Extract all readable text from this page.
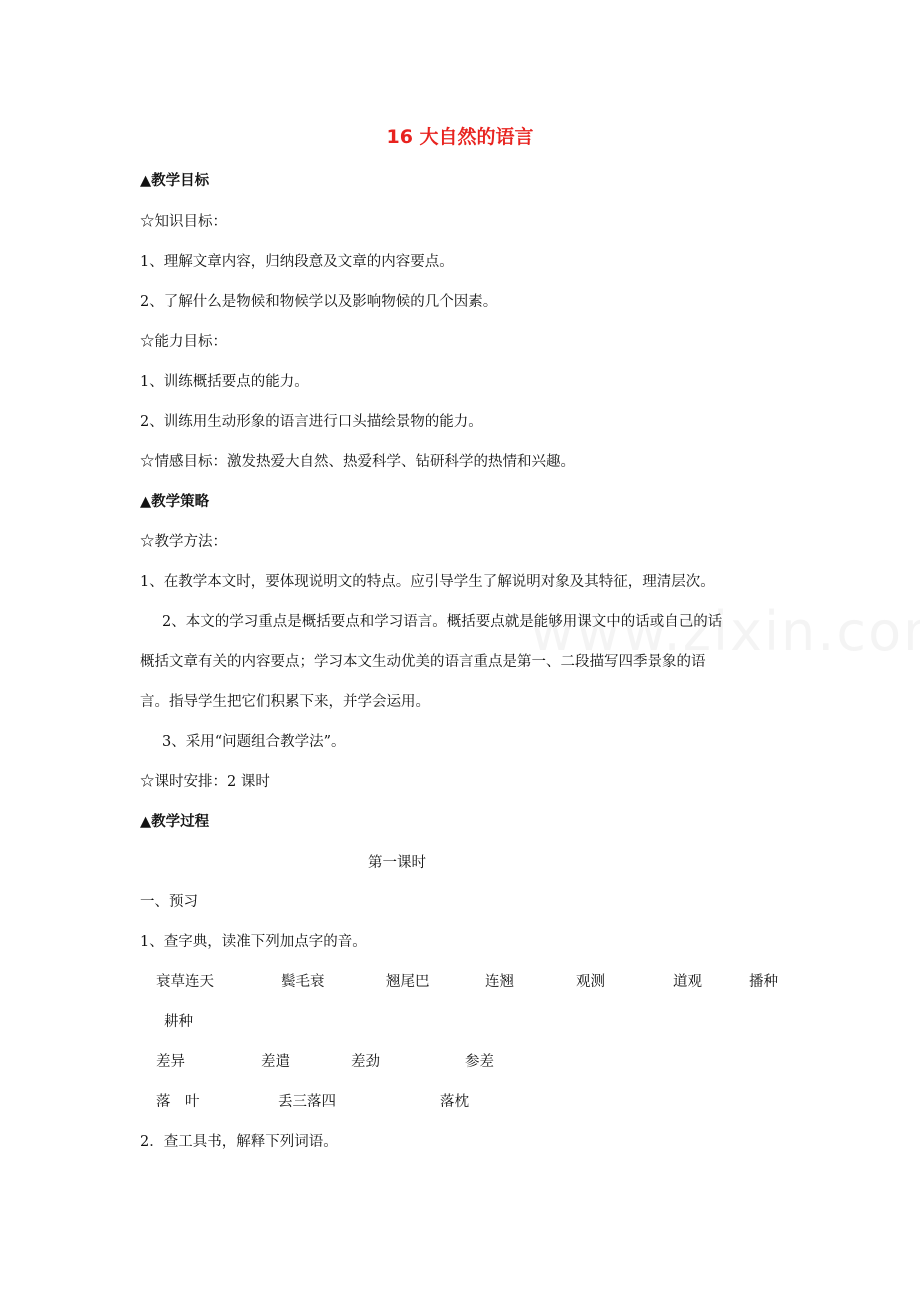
16 大自然的语言
▲教学目标
☆知识目标：
1、理解文章内容，归纳段意及文章的内容要点。
2、了解什么是物候和物候学以及影响物候的几个因素。
☆能力目标：
1、训练概括要点的能力。
2、训练用生动形象的语言进行口头描绘景物的能力。
☆情感目标：激发热爱大自然、热爱科学、钻研科学的热情和兴趣。
▲教学策略
☆教学方法：
1、在教学本文时，要体现说明文的特点。应引导学生了解说明对象及其特征，理清层次。
2、本文的学习重点是概括要点和学习语言。概括要点就是能够用课文中的话或自己的话
概括文章有关的内容要点；学习本文生动优美的语言重点是第一、二段描写四季景象的语
言。指导学生把它们积累下来，并学会运用。
3、采用“问题组合教学法”。
☆课时安排：2 课时
▲教学过程
第一课时
一、预习
1、查字典，读准下列加点字的音。
衰草连天	鬓毛衰	翘尾巴	连翘	观测	道观	播种
耕种
差异	差遣	差劲	参差
落　叶	丢三落四	落枕
2．查工具书，解释下列词语。
